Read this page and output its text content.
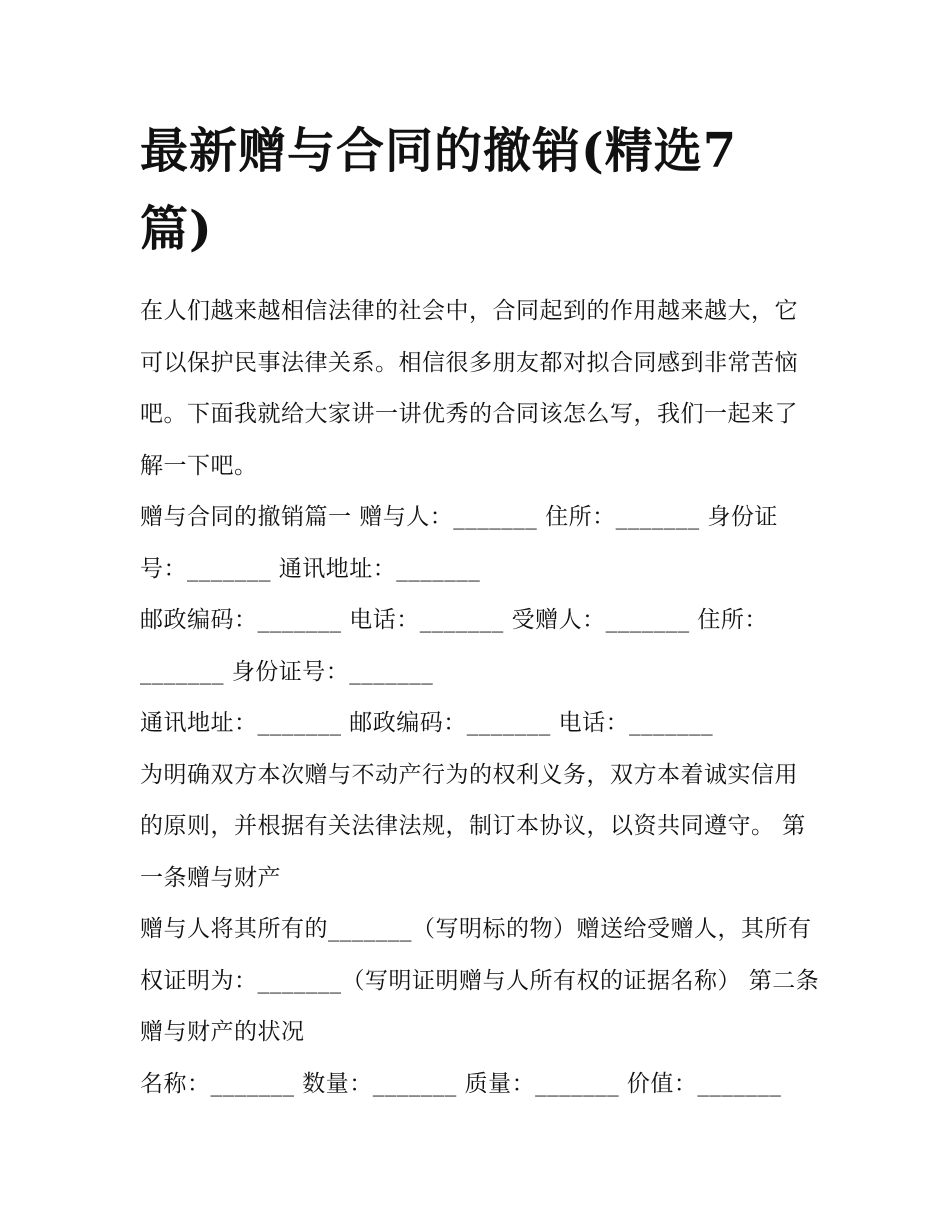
最新赠与合同的撤销(精选7篇)

在人们越来越相信法律的社会中，合同起到的作用越来越大，它可以保护民事法律关系。相信很多朋友都对拟合同感到非常苦恼吧。下面我就给大家讲一讲优秀的合同该怎么写，我们一起来了解一下吧。

赠与合同的撤销篇一 赠与人：_______ 住所：_______ 身份证号：_______ 通讯地址：_______

邮政编码：_______ 电话：_______ 受赠人：_______ 住所：_______ 身份证号：_______

通讯地址：_______ 邮政编码：_______ 电话：_______

为明确双方本次赠与不动产行为的权利义务，双方本着诚实信用的原则，并根据有关法律法规，制订本协议，以资共同遵守。 第一条赠与财产

赠与人将其所有的_______（写明标的物）赠送给受赠人，其所有权证明为：_______（写明证明赠与人所有权的证据名称） 第二条赠与财产的状况

名称：_______ 数量：_______ 质量：_______ 价值：_______
